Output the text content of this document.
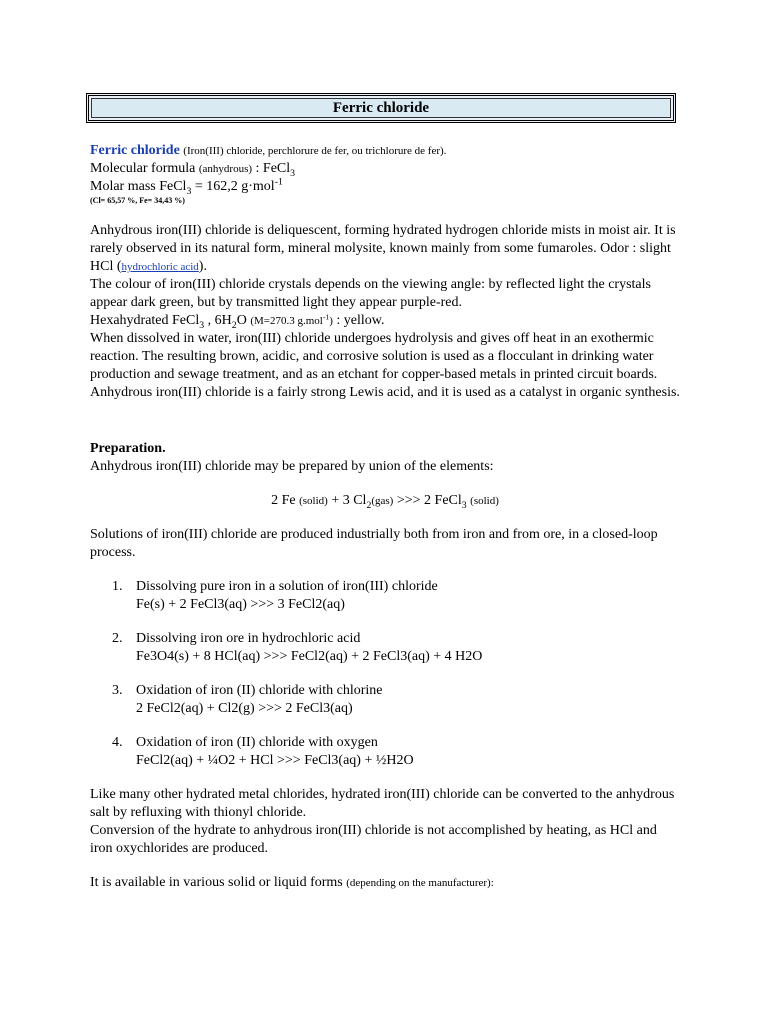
Ferric chloride

Ferric chloride (Iron(III) chloride, perchlorure de fer, ou trichlorure de fer).

Molecular formula (anhydrous) : FeCl$_3$

Molar mass FeCl$_3$ = 162,2 g·mol$^{-1}$

(Cl= 65,57 %, Fe= 34,43 %)

Anhydrous iron(III) chloride is deliquescent, forming hydrated hydrogen chloride mists in moist air. It is rarely observed in its natural form, mineral molysite, known mainly from some fumaroles. Odor : slight HCl (hydrochloric acid).

The colour of iron(III) chloride crystals depends on the viewing angle: by reflected light the crystals appear dark green, but by transmitted light they appear purple-red.

Hexahydrated FeCl$_3$ , $6H_2O$ (M=270.3 g.mol$^{-1}$) : yellow.

When dissolved in water, iron(III) chloride undergoes hydrolysis and gives off heat in an exothermic reaction. The resulting brown, acidic, and corrosive solution is used as a flocculant in drinking water production and sewage treatment, and as an etchant for copper-based metals in printed circuit boards. Anhydrous iron(III) chloride is a fairly strong Lewis acid, and it is used as a catalyst in organic synthesis.

Preparation.

Anhydrous iron(III) chloride may be prepared by union of the elements:

2 Fe (solid) + 3 $Cl_2(gas)$ >>> 2 FeCl$_3$ (solid)

Solutions of iron(III) chloride are produced industrially both from iron and from ore, in a closed-loop process.

1. Dissolving pure iron in a solution of iron(III) chloride
Fe(s) + 2 FeCl3(aq) >>> 3 FeCl2(aq)
2. Dissolving iron ore in hydrochloric acid
Fe3O4(s) + 8 HCl(aq) >>> FeCl2(aq) + 2 FeCl3(aq) + 4 H2O
3. Oxidation of iron (II) chloride with chlorine
2 FeCl2(aq) + Cl2(g) >>> 2 FeCl3(aq)
4. Oxidation of iron (II) chloride with oxygen
FeCl2(aq) + ¼O2 + HCl >>> FeCl3(aq) + ½H2O

Like many other hydrated metal chlorides, hydrated iron(III) chloride can be converted to the anhydrous salt by refluxing with thionyl chloride.

Conversion of the hydrate to anhydrous iron(III) chloride is not accomplished by heating, as HCl and iron oxychlorides are produced.

It is available in various solid or liquid forms (depending on the manufacturer):
